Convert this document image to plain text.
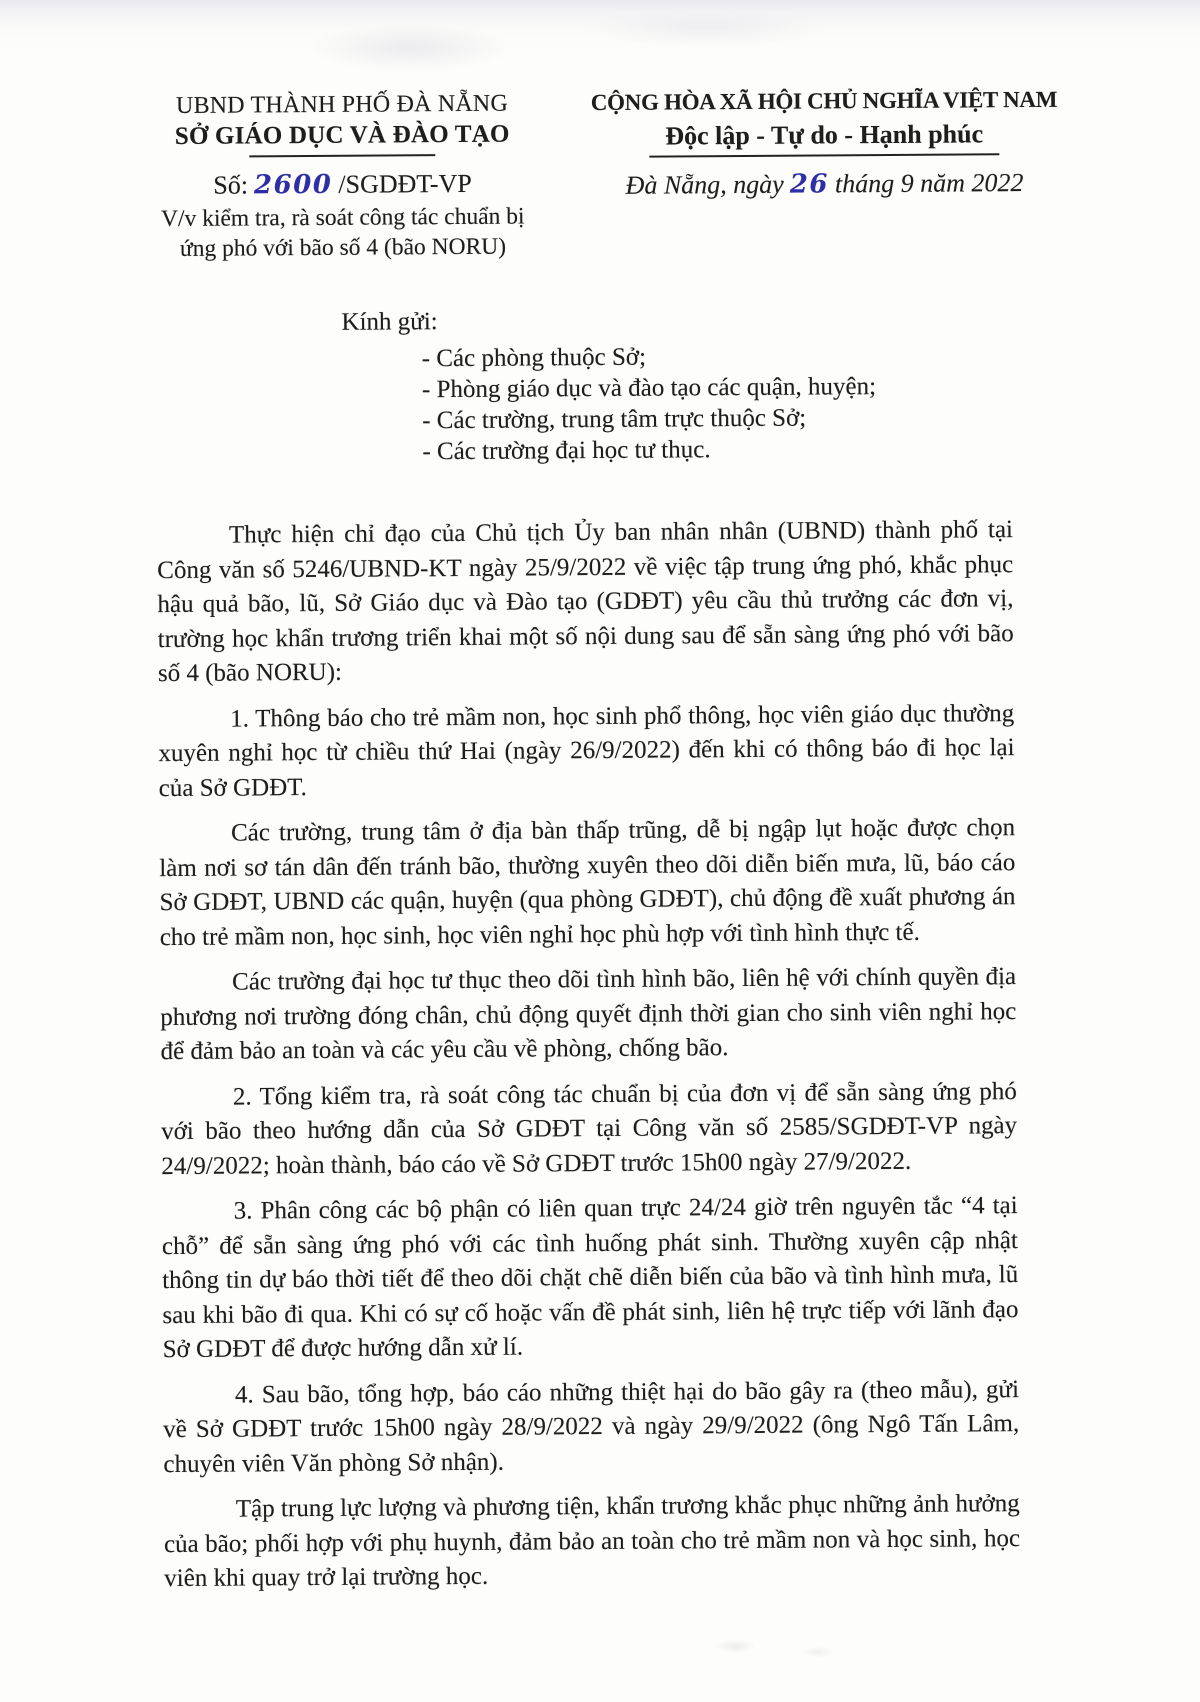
UBND THÀNH PHỐ ĐÀ NẴNG
SỞ GIÁO DỤC VÀ ĐÀO TẠO
Số: 2600 /SGDĐT-VP
V/v kiểm tra, rà soát công tác chuẩn bị
ứng phó với bão số 4 (bão NORU)
CỘNG HÒA XÃ HỘI CHỦ NGHĨA VIỆT NAM
Độc lập - Tự do - Hạnh phúc
Đà Nẵng, ngày 26 tháng 9 năm 2022
Kính gửi:
- Các phòng thuộc Sở;
- Phòng giáo dục và đào tạo các quận, huyện;
- Các trường, trung tâm trực thuộc Sở;
- Các trường đại học tư thục.

Thực hiện chỉ đạo của Chủ tịch Ủy ban nhân nhân (UBND) thành phố tại Công văn số 5246/UBND-KT ngày 25/9/2022 về việc tập trung ứng phó, khắc phục hậu quả bão, lũ, Sở Giáo dục và Đào tạo (GDĐT) yêu cầu thủ trưởng các đơn vị, trường học khẩn trương triển khai một số nội dung sau để sẵn sàng ứng phó với bão số 4 (bão NORU):

1. Thông báo cho trẻ mầm non, học sinh phổ thông, học viên giáo dục thường xuyên nghỉ học từ chiều thứ Hai (ngày 26/9/2022) đến khi có thông báo đi học lại của Sở GDĐT.

Các trường, trung tâm ở địa bàn thấp trũng, dễ bị ngập lụt hoặc được chọn làm nơi sơ tán dân đến tránh bão, thường xuyên theo dõi diễn biến mưa, lũ, báo cáo Sở GDĐT, UBND các quận, huyện (qua phòng GDĐT), chủ động đề xuất phương án cho trẻ mầm non, học sinh, học viên nghỉ học phù hợp với tình hình thực tế.

Các trường đại học tư thục theo dõi tình hình bão, liên hệ với chính quyền địa phương nơi trường đóng chân, chủ động quyết định thời gian cho sinh viên nghỉ học để đảm bảo an toàn và các yêu cầu về phòng, chống bão.

2. Tổng kiểm tra, rà soát công tác chuẩn bị của đơn vị để sẵn sàng ứng phó với bão theo hướng dẫn của Sở GDĐT tại Công văn số 2585/SGDĐT-VP ngày 24/9/2022; hoàn thành, báo cáo về Sở GDĐT trước 15h00 ngày 27/9/2022.

3. Phân công các bộ phận có liên quan trực 24/24 giờ trên nguyên tắc “4 tại chỗ” để sẵn sàng ứng phó với các tình huống phát sinh. Thường xuyên cập nhật thông tin dự báo thời tiết để theo dõi chặt chẽ diễn biến của bão và tình hình mưa, lũ sau khi bão đi qua. Khi có sự cố hoặc vấn đề phát sinh, liên hệ trực tiếp với lãnh đạo Sở GDĐT để được hướng dẫn xử lí.

4. Sau bão, tổng hợp, báo cáo những thiệt hại do bão gây ra (theo mẫu), gửi về Sở GDĐT trước 15h00 ngày 28/9/2022 và ngày 29/9/2022 (ông Ngô Tấn Lâm, chuyên viên Văn phòng Sở nhận).

Tập trung lực lượng và phương tiện, khẩn trương khắc phục những ảnh hưởng của bão; phối hợp với phụ huynh, đảm bảo an toàn cho trẻ mầm non và học sinh, học viên khi quay trở lại trường học.
